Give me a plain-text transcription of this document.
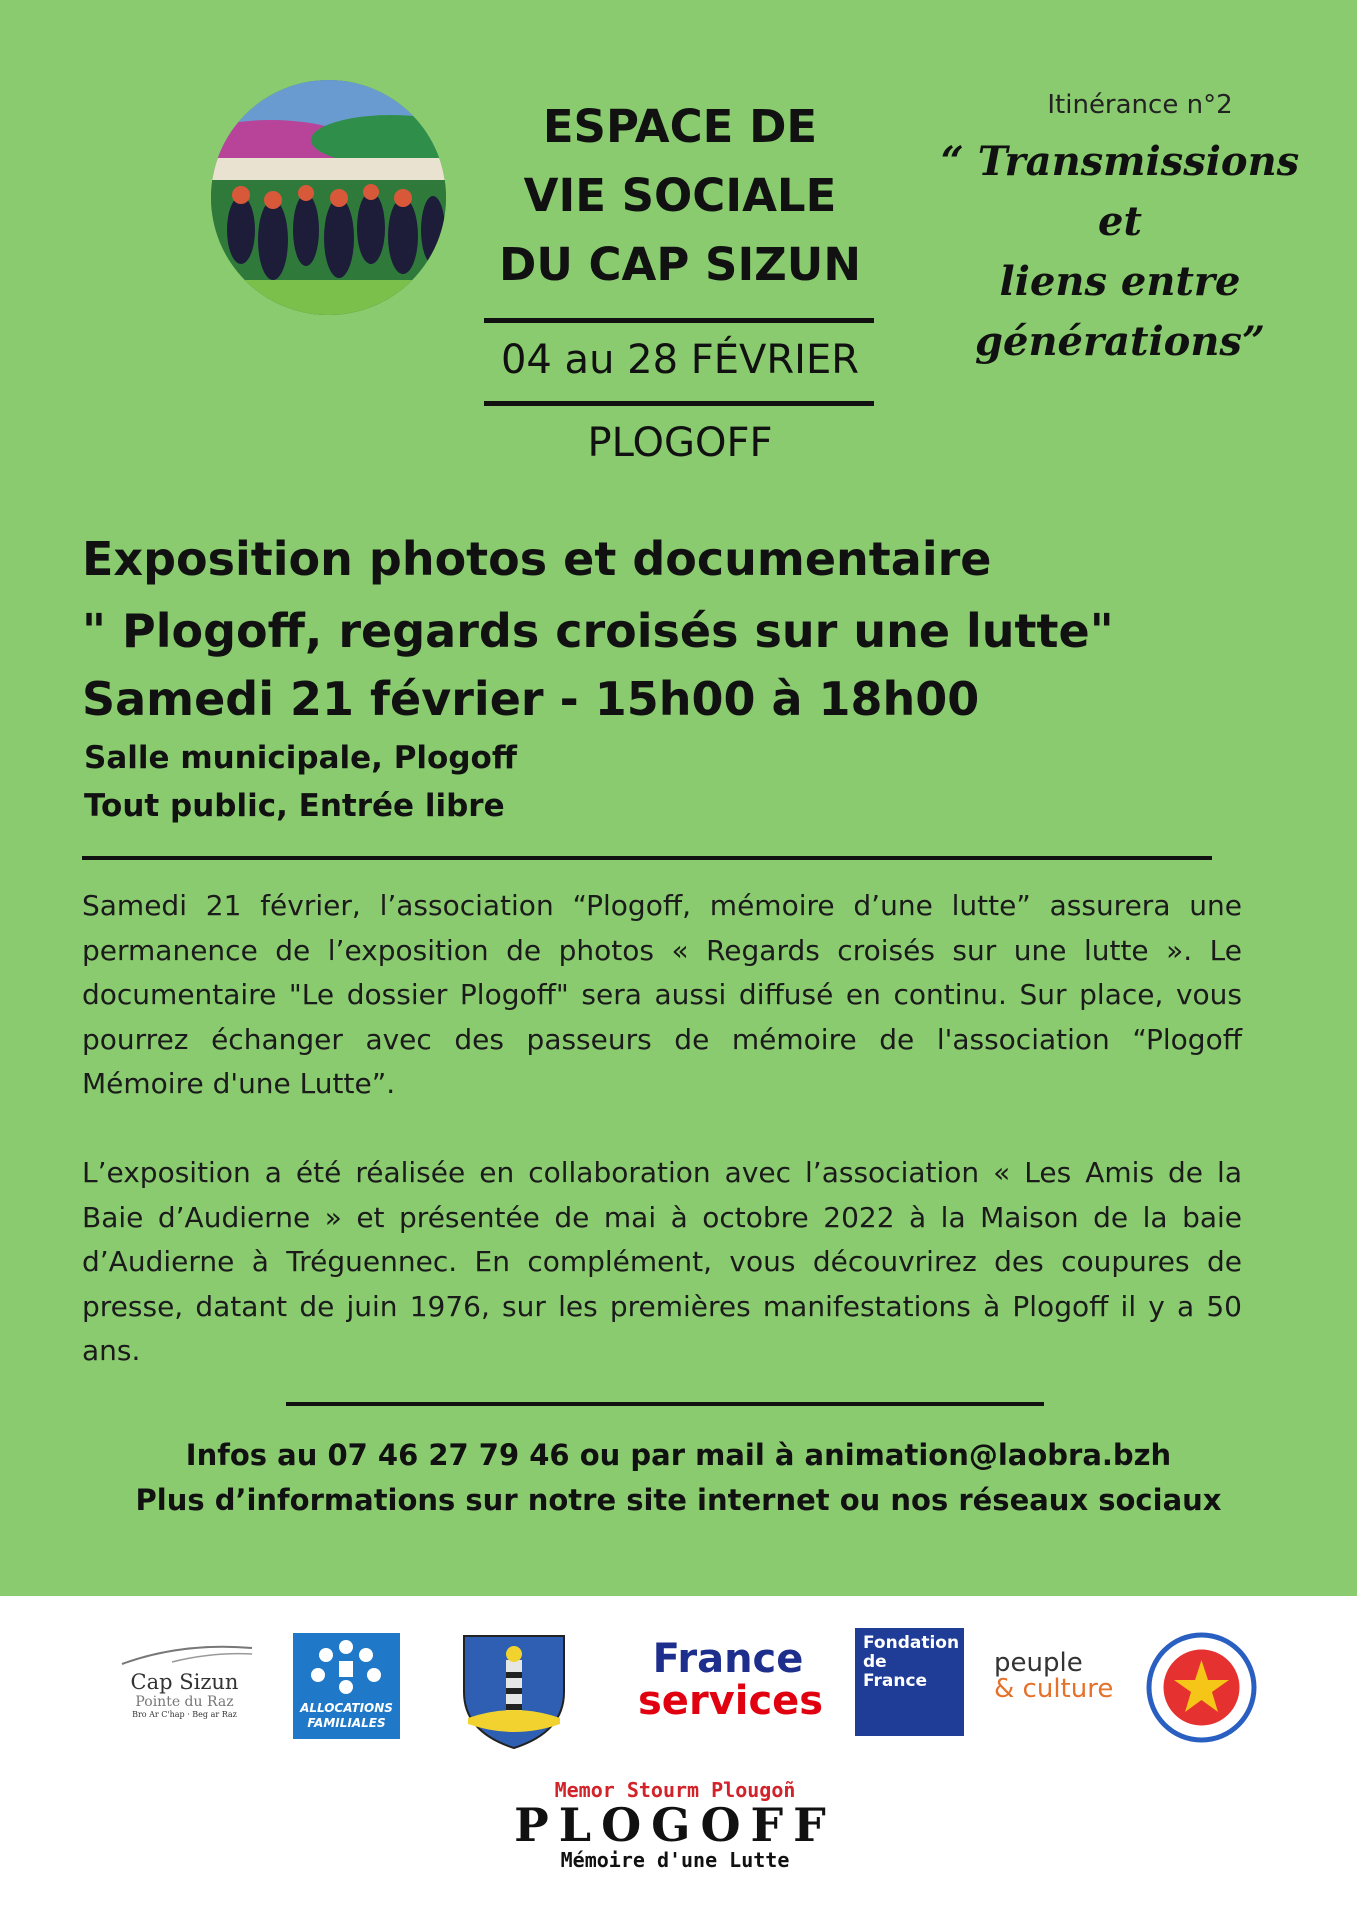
ESPACE DE
VIE SOCIALE
DU CAP SIZUN
04 au 28 FÉVRIER
PLOGOFF
Itinérance n°2
“ Transmissions et
liens entre
générations”
Exposition photos et documentaire
" Plogoff, regards croisés sur une lutte"
Samedi 21 février - 15h00 à 18h00
Salle municipale, Plogoff
Tout public, Entrée libre
Samedi 21 février, l’association “Plogoff, mémoire d’une lutte” assurera une permanence de l’exposition de photos « Regards croisés sur une lutte ». Le documentaire "Le dossier Plogoff" sera aussi diffusé en continu. Sur place, vous pourrez échanger avec des passeurs de mémoire de l'association “Plogoff Mémoire d'une Lutte”.
L’exposition a été réalisée en collaboration avec l’association « Les Amis de la Baie d’Audierne » et présentée de mai à octobre 2022 à la Maison de la baie d’Audierne à Tréguennec. En complément, vous découvrirez des coupures de presse, datant de juin 1976, sur les premières manifestations à Plogoff il y a 50 ans.
Infos au 07 46 27 79 46 ou par mail à animation@laobra.bzh
Plus d’informations sur notre site internet ou nos réseaux sociaux
Cap Sizun
Pointe du Raz
Bro Ar C'hap · Beg ar Raz	ALLOCATIONS
FAMILIALES
France
services
Fondation
de
France
peuple
& culture
Memor Stourm Plougoñ
PLOGOFF
Mémoire d'une Lutte
